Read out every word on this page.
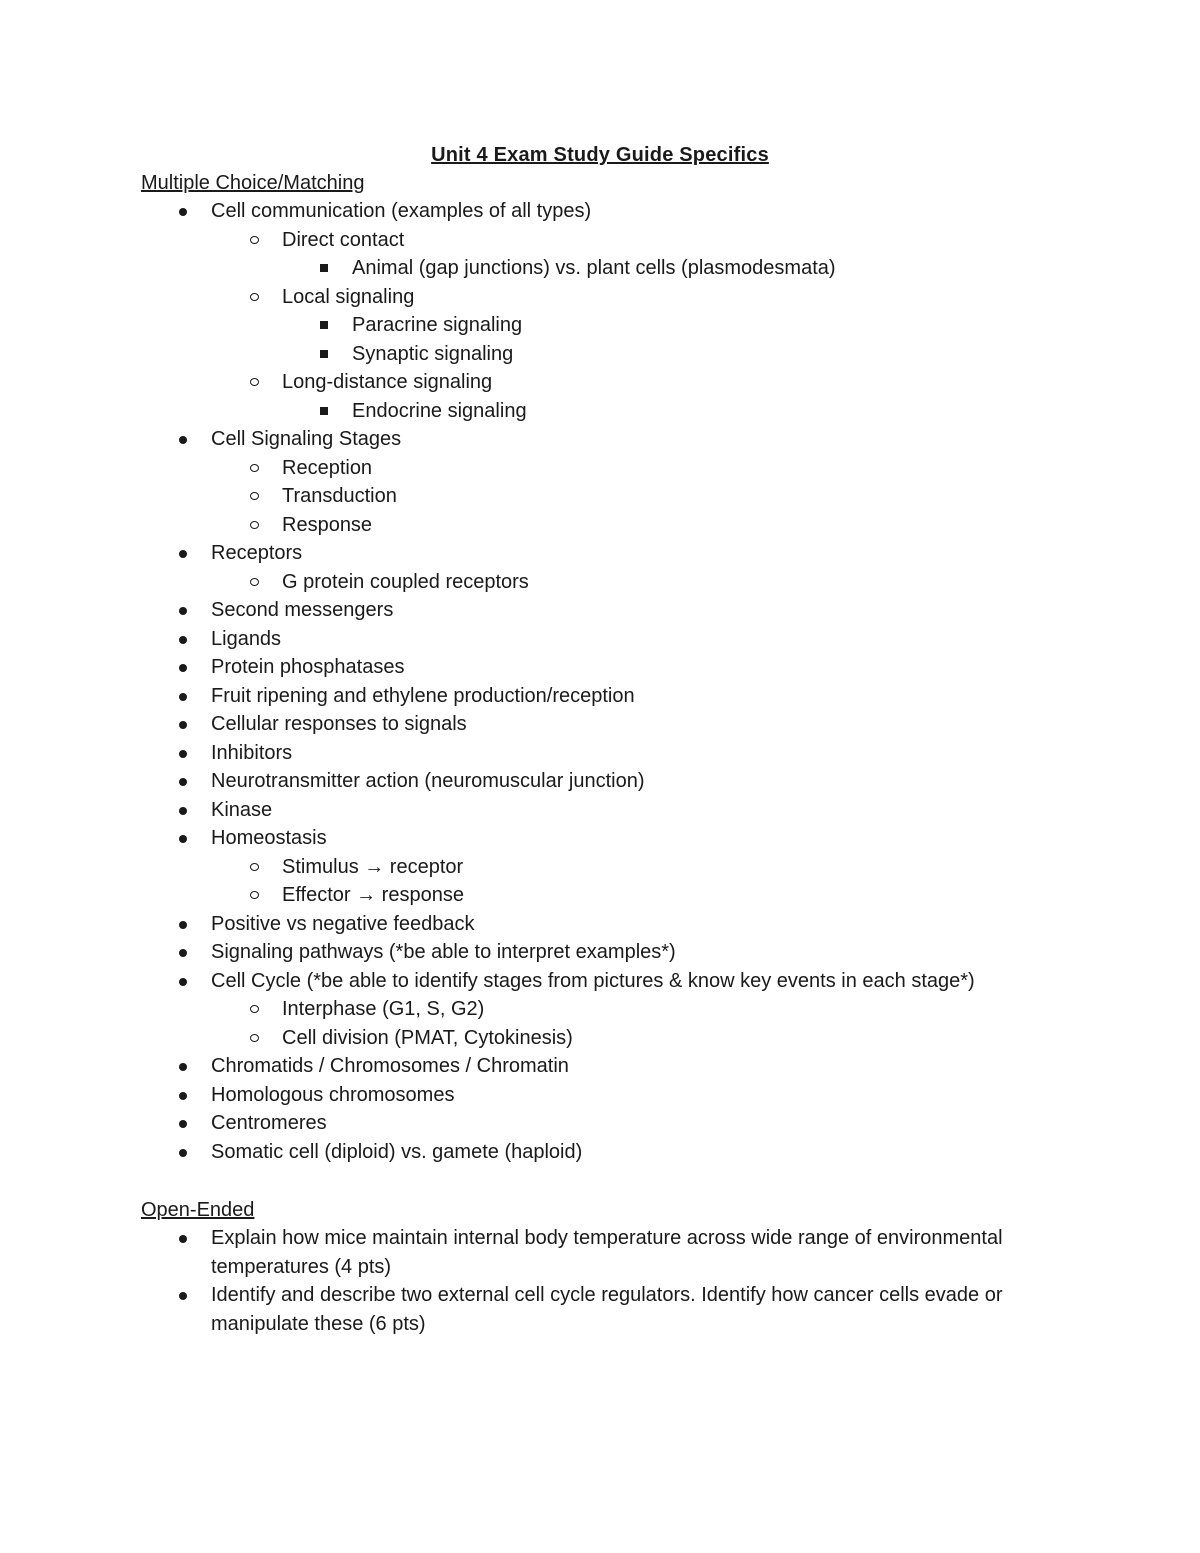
Unit 4 Exam Study Guide Specifics
Multiple Choice/Matching
Cell communication (examples of all types)
Direct contact
Animal (gap junctions) vs. plant cells (plasmodesmata)
Local signaling
Paracrine signaling
Synaptic signaling
Long-distance signaling
Endocrine signaling
Cell Signaling Stages
Reception
Transduction
Response
Receptors
G protein coupled receptors
Second messengers
Ligands
Protein phosphatases
Fruit ripening and ethylene production/reception
Cellular responses to signals
Inhibitors
Neurotransmitter action (neuromuscular junction)
Kinase
Homeostasis
Stimulus → receptor
Effector → response
Positive vs negative feedback
Signaling pathways (*be able to interpret examples*)
Cell Cycle (*be able to identify stages from pictures & know key events in each stage*)
Interphase (G1, S, G2)
Cell division (PMAT, Cytokinesis)
Chromatids / Chromosomes / Chromatin
Homologous chromosomes
Centromeres
Somatic cell (diploid) vs. gamete (haploid)
Open-Ended
Explain how mice maintain internal body temperature across wide range of environmental temperatures (4 pts)
Identify and describe two external cell cycle regulators. Identify how cancer cells evade or manipulate these (6 pts)
